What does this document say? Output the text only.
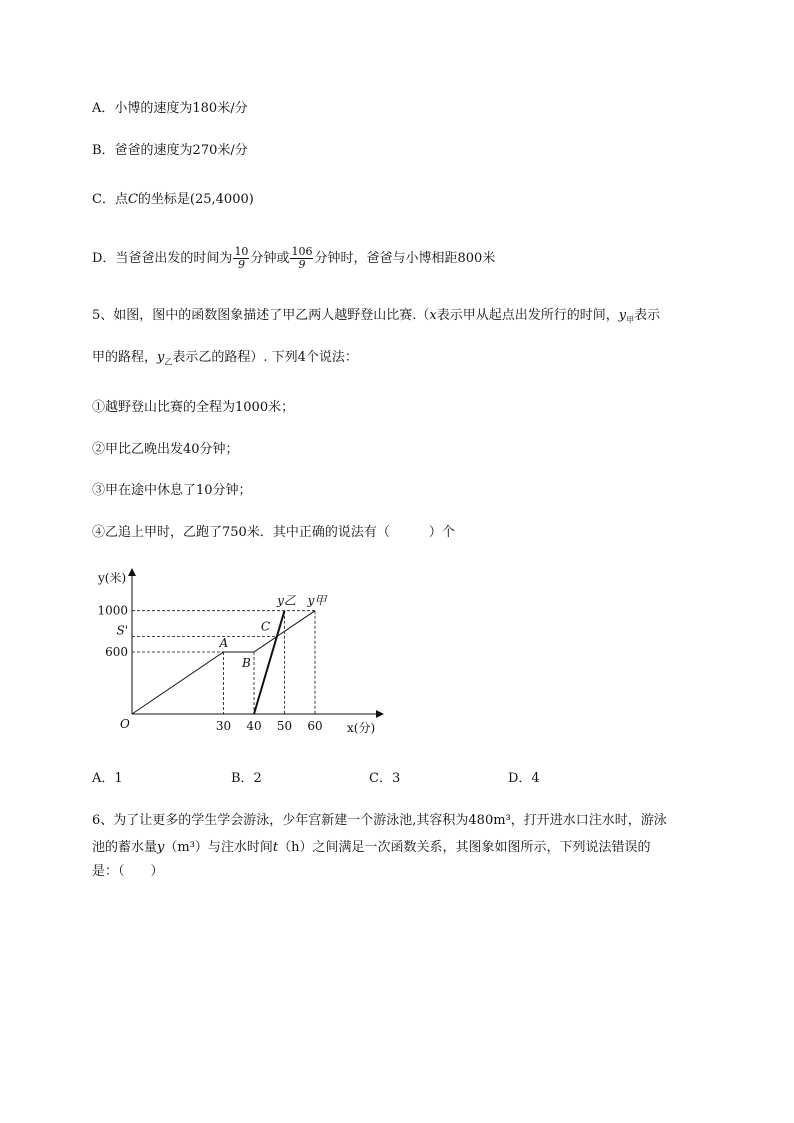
A．小博的速度为180米/分
B．爸爸的速度为270米/分
C．点C的坐标是(25,4000)
D．当爸爸出发的时间为 $\frac{10}{9}$ 分钟或 $\frac{106}{9}$ 分钟时，爸爸与小博相距800米
5、如图，图中的函数图象描述了甲乙两人越野登山比赛.（x表示甲从起点出发所行的时间，$y_甲$表示
甲的路程，$y_乙$表示乙的路程）. 下列4个说法：
①越野登山比赛的全程为1000米；
②甲比乙晚出发40分钟；
③甲在途中休息了10分钟；
④乙追上甲时，乙跑了750米．其中正确的说法有（　　　）个
y(米)
x(分)
O
600
1000
S'
30 40 50 60
A
B
C
y乙 y甲
A．1	B．2	C．3	D．4
6、为了让更多的学生学会游泳，少年宫新建一个游泳池,其容积为480m³，打开进水口注水时，游泳
池的蓄水量y（m³）与注水时间t（h）之间满足一次函数关系，其图象如图所示，下列说法错误的
是：（　　）
